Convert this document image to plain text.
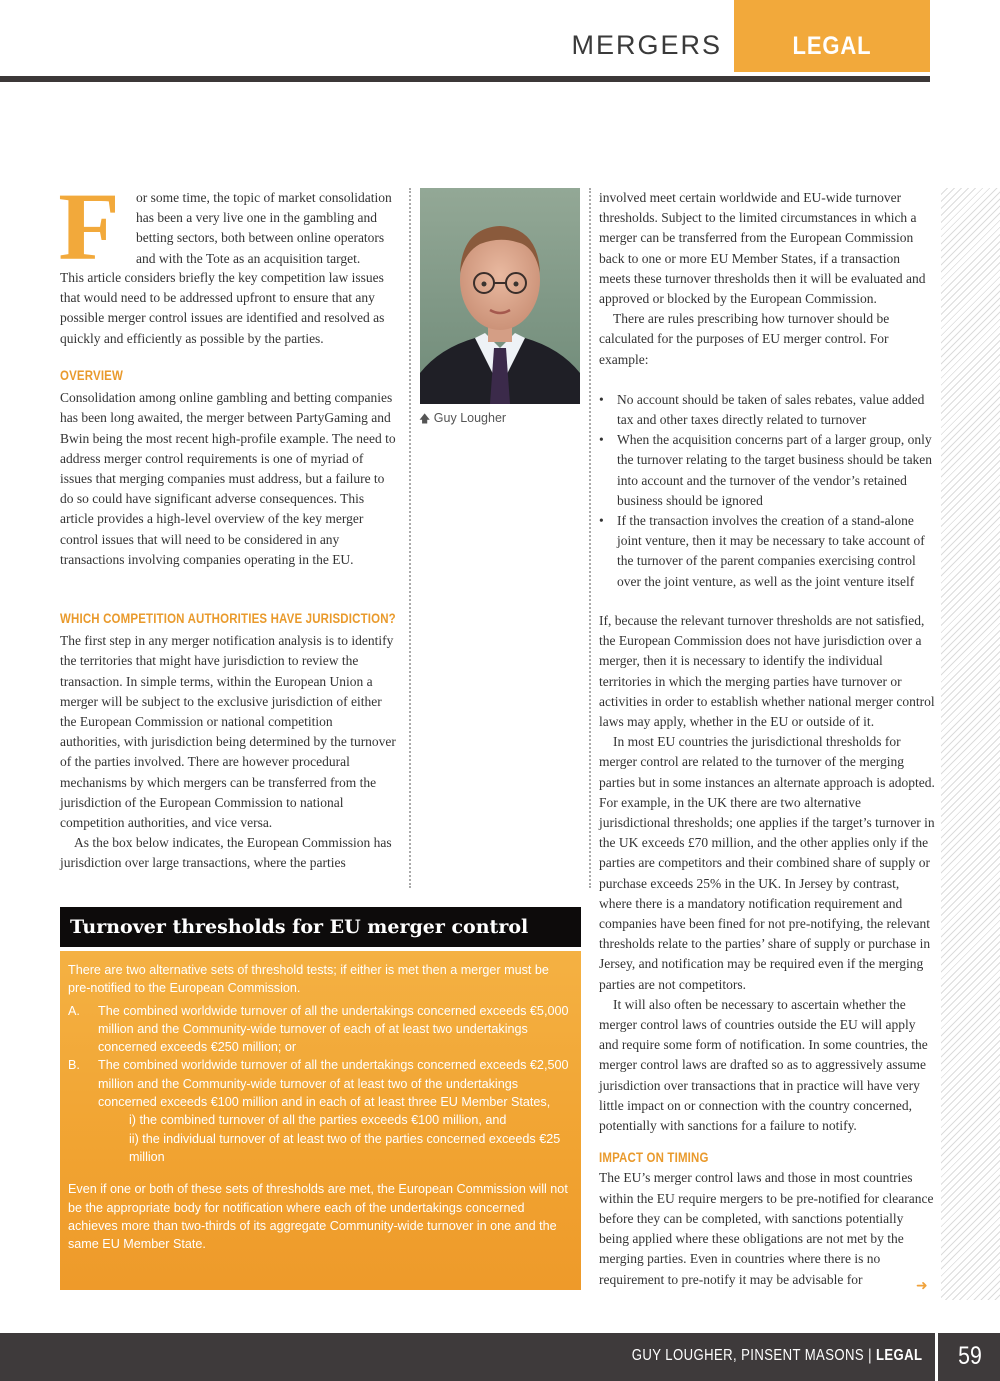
MERGERS	LEGAL
F	or some time, the topic of market consolidation

has been a very live one in the gambling and

betting sectors, both between online operators

and with the Tote as an acquisition target.

This article considers briefly the key competition law issues that would need to be addressed upfront to ensure that any possible merger control issues are identified and resolved as quickly and efficiently as possible by the parties.

OVERVIEW

Consolidation among online gambling and betting companies has been long awaited, the merger between PartyGaming and Bwin being the most recent high-profile example. The need to address merger control requirements is one of myriad of issues that merging companies must address, but a failure to do so could have significant adverse consequences. This article provides a high-level overview of the key merger control issues that will need to be considered in any transactions involving companies operating in the EU.

WHICH COMPETITION AUTHORITIES HAVE JURISDICTION?

The first step in any merger notification analysis is to identify the territories that might have jurisdiction to review the transaction. In simple terms, within the European Union a merger will be subject to the exclusive jurisdiction of either the European Commission or national competition authorities, with jurisdiction being determined by the turnover of the parties involved. There are however procedural mechanisms by which mergers can be transferred from the jurisdiction of the European Commission to national competition authorities, and vice versa.

As the box below indicates, the European Commission has jurisdiction over large transactions, where the parties

🡅 Guy Lougher

involved meet certain worldwide and EU-wide turnover thresholds. Subject to the limited circumstances in which a merger can be transferred from the European Commission back to one or more EU Member States, if a transaction meets these turnover thresholds then it will be evaluated and approved or blocked by the European Commission.

There are rules prescribing how turnover should be calculated for the purposes of EU merger control. For example:

• No account should be taken of sales rebates, value added tax and other taxes directly related to turnover
• When the acquisition concerns part of a larger group, only the turnover relating to the target business should be taken into account and the turnover of the vendor’s retained business should be ignored
• If the transaction involves the creation of a stand-alone joint venture, then it may be necessary to take account of the turnover of the parent companies exercising control over the joint venture, as well as the joint venture itself

If, because the relevant turnover thresholds are not satisfied, the European Commission does not have jurisdiction over a merger, then it is necessary to identify the individual territories in which the merging parties have turnover or activities in order to establish whether national merger control laws may apply, whether in the EU or outside of it.

In most EU countries the jurisdictional thresholds for merger control are related to the turnover of the merging parties but in some instances an alternate approach is adopted. For example, in the UK there are two alternative jurisdictional thresholds; one applies if the target’s turnover in the UK exceeds £70 million, and the other applies only if the parties are competitors and their combined share of supply or purchase exceeds 25% in the UK. In Jersey by contrast, where there is a mandatory notification requirement and companies have been fined for not pre-notifying, the relevant thresholds relate to the parties’ share of supply or purchase in Jersey, and notification may be required even if the merging parties are not competitors.

It will also often be necessary to ascertain whether the merger control laws of countries outside the EU will apply and require some form of notification. In some countries, the merger control laws are drafted so as to aggressively assume jurisdiction over transactions that in practice will have very little impact on or connection with the country concerned, potentially with sanctions for a failure to notify.

IMPACT ON TIMING

The EU’s merger control laws and those in most countries within the EU require mergers to be pre-notified for clearance before they can be completed, with sanctions potentially being applied where these obligations are not met by the merging parties. Even in countries where there is no requirement to pre-notify it may be advisable for	➜
Turnover thresholds for EU merger control

There are two alternative sets of threshold tests; if either is met then a merger must be pre-notified to the European Commission.

A. The combined worldwide turnover of all the undertakings concerned exceeds €5,000 million and the Community-wide turnover of each of at least two undertakings concerned exceeds €250 million; or
B. The combined worldwide turnover of all the undertakings concerned exceeds €2,500 million and the Community-wide turnover of at least two of the undertakings concerned exceeds €100 million and in each of at least three EU Member States,

i) the combined turnover of all the parties exceeds €100 million, and

ii) the individual turnover of at least two of the parties concerned exceeds €25 million

Even if one or both of these sets of thresholds are met, the European Commission will not be the appropriate body for notification where each of the undertakings concerned achieves more than two-thirds of its aggregate Community-wide turnover in one and the same EU Member State.

GUY LOUGHER, PINSENT MASONS | LEGAL	59
